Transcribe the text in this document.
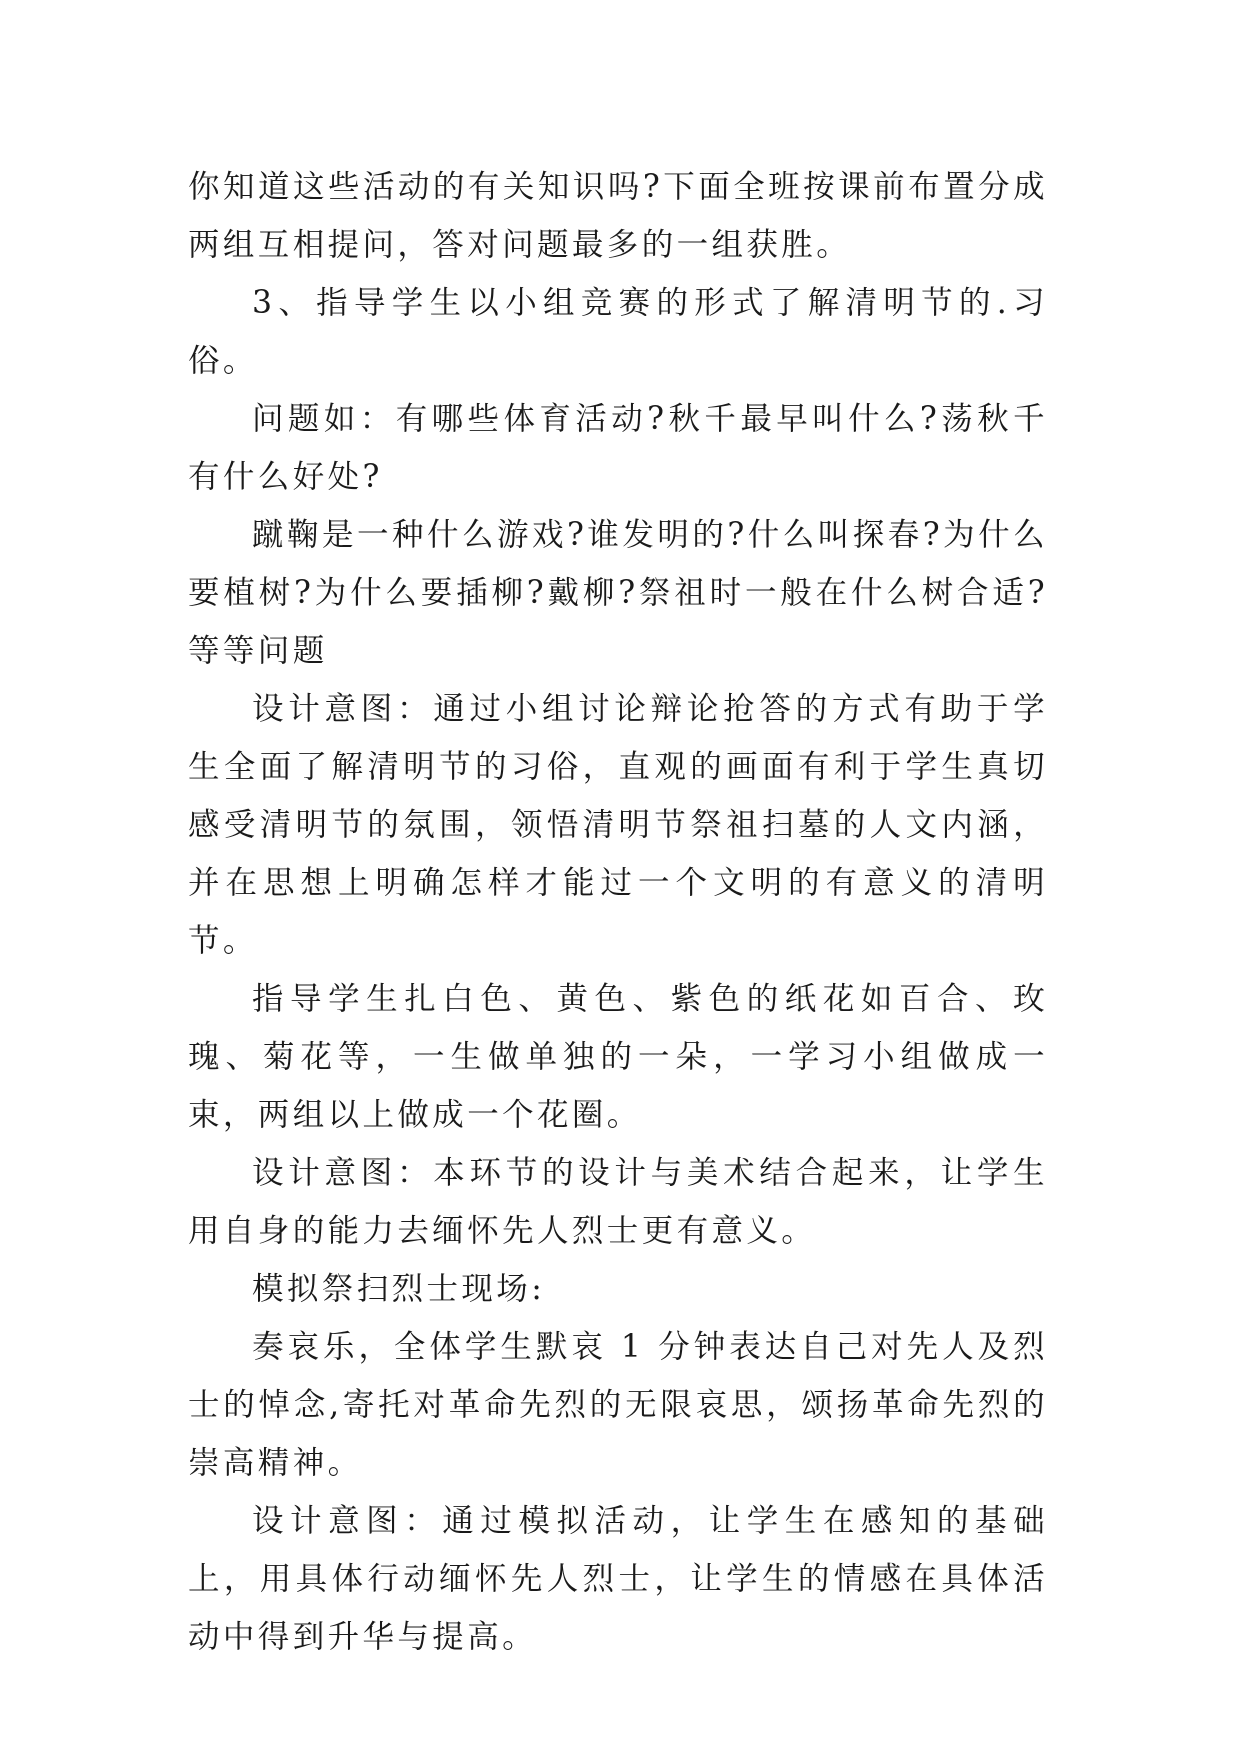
你知道这些活动的有关知识吗?下面全班按课前布置分成两组互相提问，答对问题最多的一组获胜。

3、指导学生以小组竞赛的形式了解清明节的.习俗。

问题如：有哪些体育活动?秋千最早叫什么?荡秋千有什么好处?

蹴鞠是一种什么游戏?谁发明的?什么叫探春?为什么要植树?为什么要插柳?戴柳?祭祖时一般在什么树合适?等等问题

设计意图：通过小组讨论辩论抢答的方式有助于学生全面了解清明节的习俗，直观的画面有利于学生真切感受清明节的氛围，领悟清明节祭祖扫墓的人文内涵，并在思想上明确怎样才能过一个文明的有意义的清明节。

指导学生扎白色、黄色、紫色的纸花如百合、玫瑰、菊花等，一生做单独的一朵，一学习小组做成一束，两组以上做成一个花圈。

设计意图：本环节的设计与美术结合起来，让学生用自身的能力去缅怀先人烈士更有意义。

模拟祭扫烈士现场:

奏哀乐，全体学生默哀 1 分钟表达自己对先人及烈士的悼念,寄托对革命先烈的无限哀思，颂扬革命先烈的崇高精神。

设计意图：通过模拟活动，让学生在感知的基础上，用具体行动缅怀先人烈士，让学生的情感在具体活动中得到升华与提高。
